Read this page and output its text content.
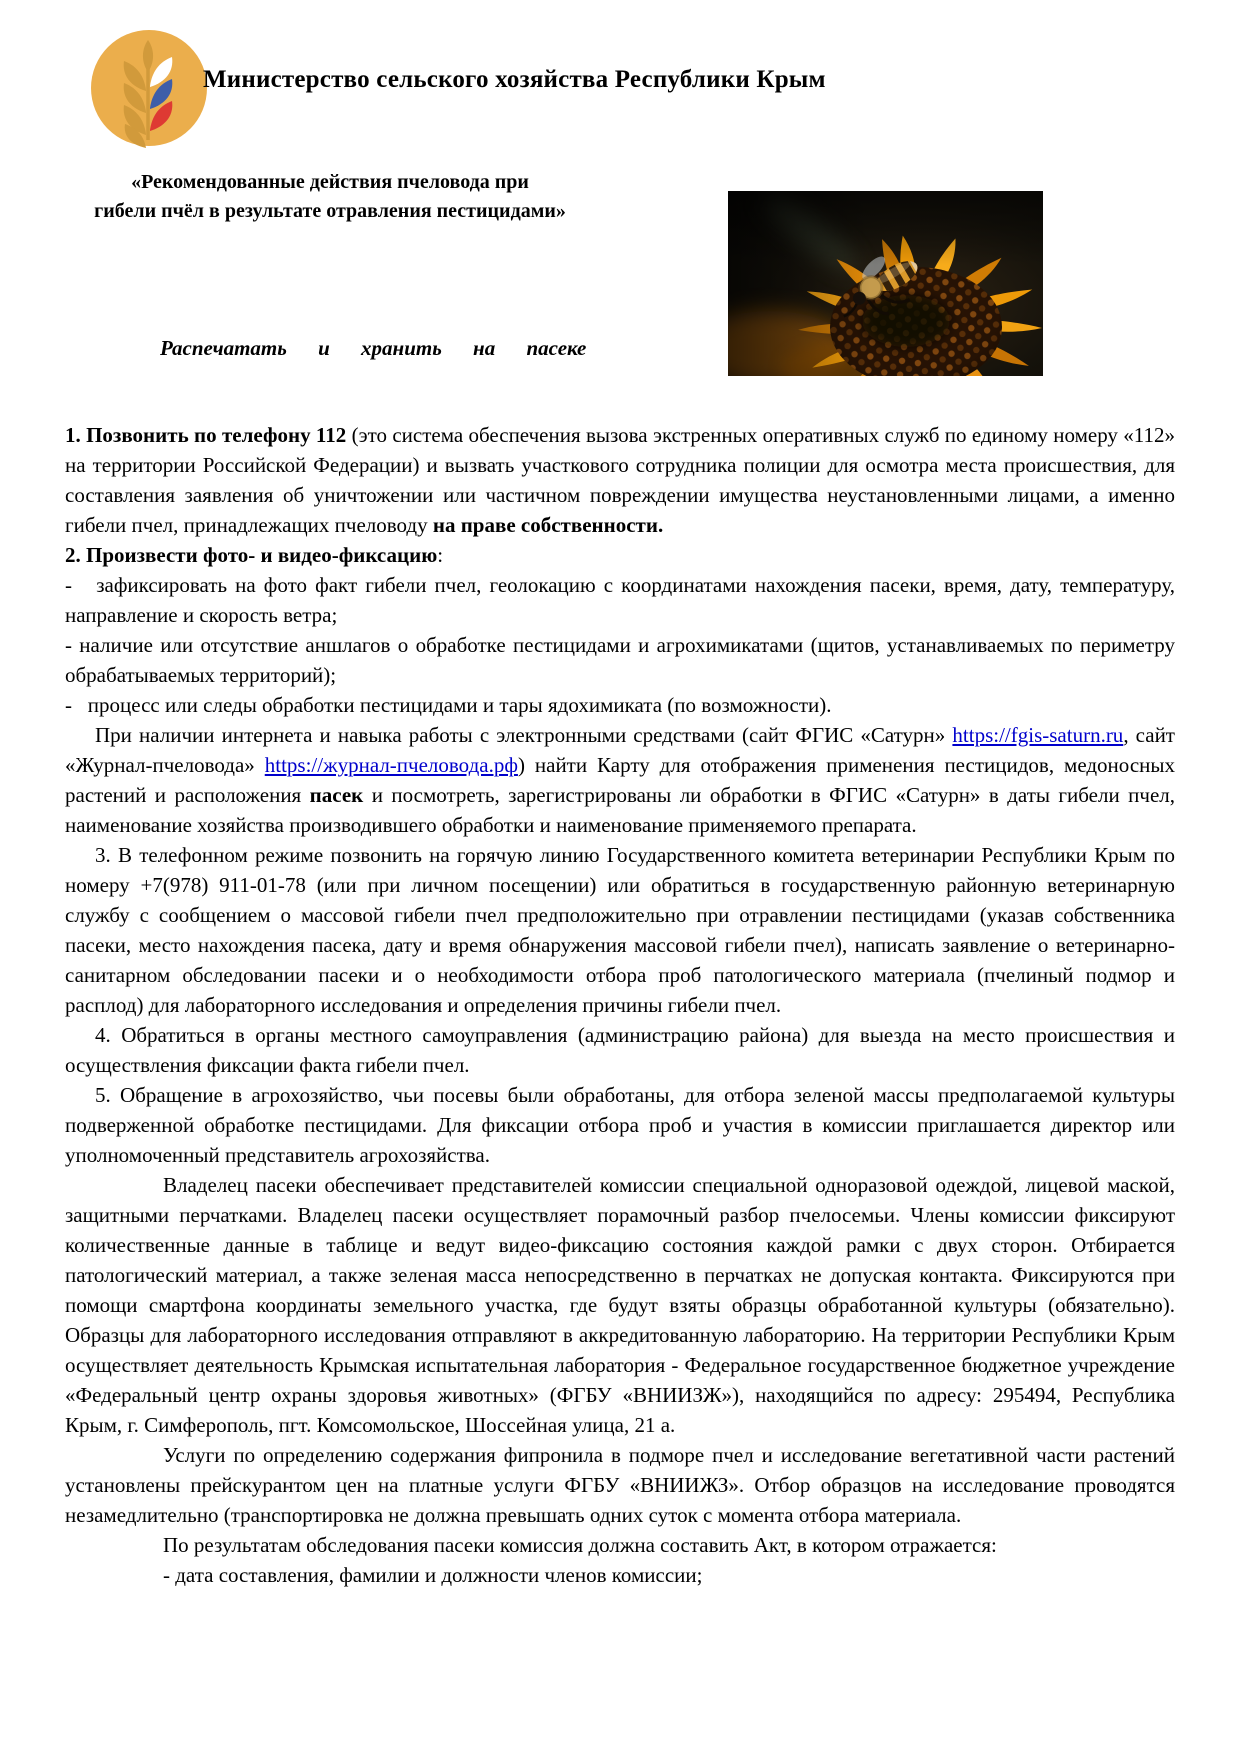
Министерство сельского хозяйства Республики Крым
«Рекомендованные действия пчеловода при
гибели пчёл в результате отравления пестицидами»
Распечатать и хранить на пасеке

1. Позвонить по телефону 112 (это система обеспечения вызова экстренных оперативных служб по единому номеру «112» на территории Российской Федерации) и вызвать участкового сотрудника полиции для осмотра места происшествия, для составления заявления об уничтожении или частичном повреждении имущества неустановленными лицами, а именно гибели пчел, принадлежащих пчеловоду на праве собственности.

2. Произвести фото- и видео-фиксацию:

-   зафиксировать на фото факт гибели пчел, геолокацию с координатами нахождения пасеки, время, дату, температуру, направление и скорость ветра;

- наличие или отсутствие аншлагов о обработке пестицидами и агрохимикатами (щитов, устанавливаемых по периметру обрабатываемых территорий);

-   процесс или следы обработки пестицидами и тары ядохимиката (по возможности).

При наличии интернета и навыка работы с электронными средствами (сайт ФГИС «Сатурн» https://fgis-saturn.ru, сайт «Журнал-пчеловода» https://журнал-пчеловода.рф) найти Карту для отображения применения пестицидов, медоносных растений и расположения пасек и посмотреть, зарегистрированы ли обработки в ФГИС «Сатурн» в даты гибели пчел, наименование хозяйства производившего обработки и наименование применяемого препарата.

3. В телефонном режиме позвонить на горячую линию Государственного комитета ветеринарии Республики Крым по номеру +7(978) 911-01-78 (или при личном посещении) или обратиться в государственную районную ветеринарную службу с сообщением о массовой гибели пчел предположительно при отравлении пестицидами (указав собственника пасеки, место нахождения пасека, дату и время обнаружения массовой гибели пчел), написать заявление о ветеринарно-санитарном обследовании пасеки и о необходимости отбора проб патологического материала (пчелиный подмор и расплод) для лабораторного исследования и определения причины гибели пчел.

4. Обратиться в органы местного самоуправления (администрацию района) для выезда на место происшествия и осуществления фиксации факта гибели пчел.

5. Обращение в агрохозяйство, чьи посевы были обработаны, для отбора зеленой массы предполагаемой культуры подверженной обработке пестицидами. Для фиксации отбора проб и участия в комиссии приглашается директор или уполномоченный представитель агрохозяйства.

Владелец пасеки обеспечивает представителей комиссии специальной одноразовой одеждой, лицевой маской, защитными перчатками. Владелец пасеки осуществляет порамочный разбор пчелосемьи. Члены комиссии фиксируют количественные данные в таблице и ведут видео-фиксацию состояния каждой рамки с двух сторон. Отбирается патологический материал, а также зеленая масса непосредственно в перчатках не допуская контакта. Фиксируются при помощи смартфона координаты земельного участка, где будут взяты образцы обработанной культуры (обязательно). Образцы для лабораторного исследования отправляют в аккредитованную лабораторию. На территории Республики Крым осуществляет деятельность Крымская испытательная лаборатория - Федеральное государственное бюджетное учреждение «Федеральный центр охраны здоровья животных» (ФГБУ «ВНИИЗЖ»), находящийся по адресу: 295494, Республика Крым, г. Симферополь, пгт. Комсомольское, Шоссейная улица, 21 а.

Услуги по определению содержания фипронила в подморе пчел и исследование вегетативной части растений установлены прейскурантом цен на платные услуги ФГБУ «ВНИИЖЗ». Отбор образцов на исследование проводятся незамедлительно (транспортировка не должна превышать одних суток с момента отбора материала.

По результатам обследования пасеки комиссия должна составить Акт, в котором отражается:

- дата составления, фамилии и должности членов комиссии;
